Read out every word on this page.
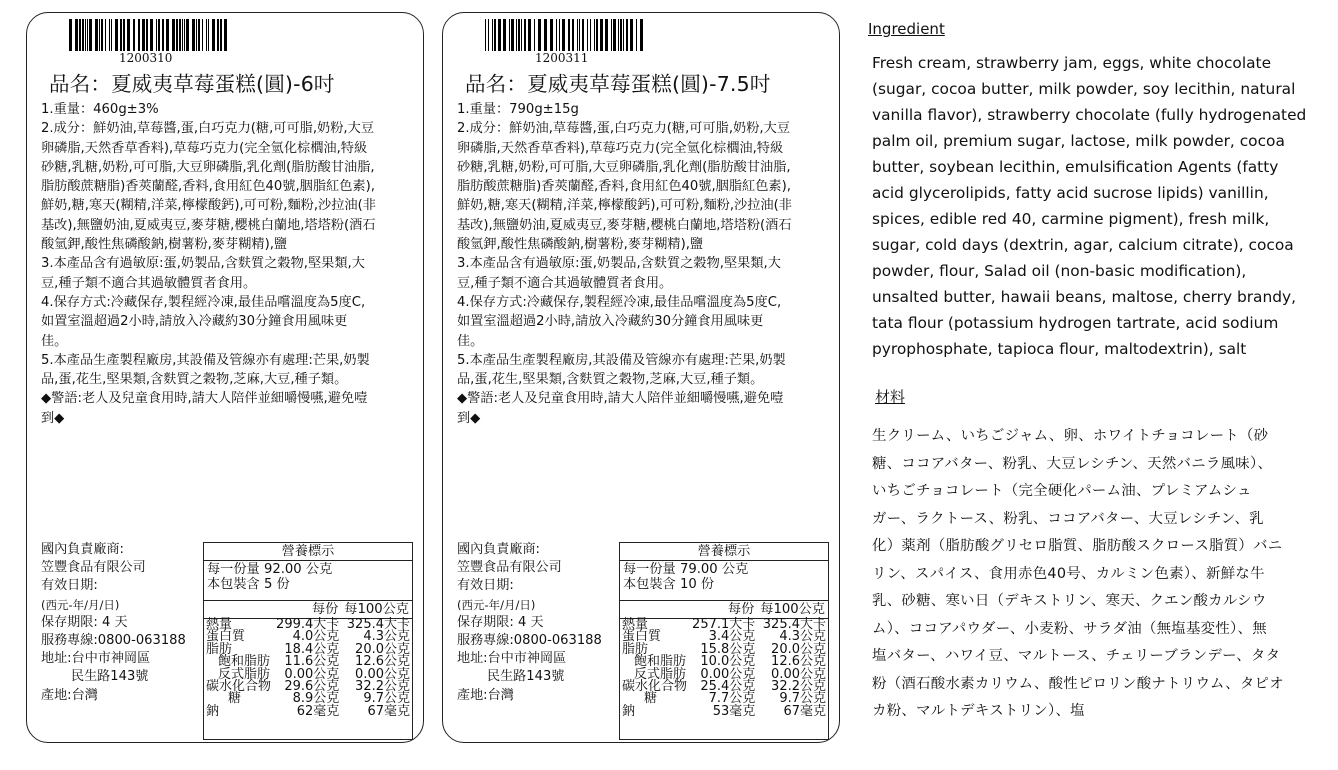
1200310
品名：夏威夷草莓蛋糕(圓)-6吋
1.重量：460g±3%
2.成分：鮮奶油,草莓醬,蛋,白巧克力(糖,可可脂,奶粉,大豆
卵磷脂,天然香草香料),草莓巧克力(完全氫化棕櫚油,特級
砂糖,乳糖,奶粉,可可脂,大豆卵磷脂,乳化劑(脂肪酸甘油脂,
脂肪酸蔗糖脂)香莢蘭醛,香料,食用紅色40號,胭脂紅色素),
鮮奶,糖,寒天(糊精,洋菜,檸檬酸鈣),可可粉,麵粉,沙拉油(非
基改),無鹽奶油,夏威夷豆,麥芽糖,櫻桃白蘭地,塔塔粉(酒石
酸氫鉀,酸性焦磷酸鈉,樹薯粉,麥芽糊精),鹽
3.本產品含有過敏原:蛋,奶製品,含麩質之穀物,堅果類,大
豆,種子類不適合其過敏體質者食用。
4.保存方式:冷藏保存,製程經冷凍,最佳品嚐溫度為5度C,
如置室溫超過2小時,請放入冷藏約30分鐘食用風味更
佳。
5.本產品生產製程廠房,其設備及管線亦有處理:芒果,奶製
品,蛋,花生,堅果類,含麩質之穀物,芝麻,大豆,種子類。
◆警語:老人及兒童食用時,請大人陪伴並細嚼慢嚥,避免噎
到◆
國內負責廠商:
笠豐食品有限公司
有效日期:
(西元-年/月/日)
保存期限: 4 天
服務專線:0800-063188
地址:台中市神岡區
民生路143號
產地:台灣
營養標示
每一份量 92.00 公克
本包裝含 5 份
每份 每100公克
熱量	299.4大卡	325.4大卡
蛋白質	4.0公克	4.3公克
脂肪	18.4公克	20.0公克
飽和脂肪	11.6公克	12.6公克
反式脂肪	0.00公克	0.00公克
碳水化合物	29.6公克	32.2公克
糖	8.9公克	9.7公克
鈉	62毫克	67毫克
1200311
品名：夏威夷草莓蛋糕(圓)-7.5吋
1.重量：790g±15g
2.成分：鮮奶油,草莓醬,蛋,白巧克力(糖,可可脂,奶粉,大豆
卵磷脂,天然香草香料),草莓巧克力(完全氫化棕櫚油,特級
砂糖,乳糖,奶粉,可可脂,大豆卵磷脂,乳化劑(脂肪酸甘油脂,
脂肪酸蔗糖脂)香莢蘭醛,香料,食用紅色40號,胭脂紅色素),
鮮奶,糖,寒天(糊精,洋菜,檸檬酸鈣),可可粉,麵粉,沙拉油(非
基改),無鹽奶油,夏威夷豆,麥芽糖,櫻桃白蘭地,塔塔粉(酒石
酸氫鉀,酸性焦磷酸鈉,樹薯粉,麥芽糊精),鹽
3.本產品含有過敏原:蛋,奶製品,含麩質之穀物,堅果類,大
豆,種子類不適合其過敏體質者食用。
4.保存方式:冷藏保存,製程經冷凍,最佳品嚐溫度為5度C,
如置室溫超過2小時,請放入冷藏約30分鐘食用風味更
佳。
5.本產品生產製程廠房,其設備及管線亦有處理:芒果,奶製
品,蛋,花生,堅果類,含麩質之穀物,芝麻,大豆,種子類。
◆警語:老人及兒童食用時,請大人陪伴並細嚼慢嚥,避免噎
到◆
國內負責廠商:
笠豐食品有限公司
有效日期:
(西元-年/月/日)
保存期限: 4 天
服務專線:0800-063188
地址:台中市神岡區
民生路143號
產地:台灣
營養標示
每一份量 79.00 公克
本包裝含 10 份
每份 每100公克
熱量	257.1大卡	325.4大卡
蛋白質	3.4公克	4.3公克
脂肪	15.8公克	20.0公克
飽和脂肪	10.0公克	12.6公克
反式脂肪	0.00公克	0.00公克
碳水化合物	25.4公克	32.2公克
糖	7.7公克	9.7公克
鈉	53毫克	67毫克
Ingredient
Fresh cream, strawberry jam, eggs, white chocolate
(sugar, cocoa butter, milk powder, soy lecithin, natural
vanilla flavor), strawberry chocolate (fully hydrogenated
palm oil, premium sugar, lactose, milk powder, cocoa
butter, soybean lecithin, emulsification Agents (fatty
acid glycerolipids, fatty acid sucrose lipids) vanillin,
spices, edible red 40, carmine pigment), fresh milk,
sugar, cold days (dextrin, agar, calcium citrate), cocoa
powder, flour, Salad oil (non-basic modification),
unsalted butter, hawaii beans, maltose, cherry brandy,
tata flour (potassium hydrogen tartrate, acid sodium
pyrophosphate, tapioca flour, maltodextrin), salt
材料
生クリーム、いちごジャム、卵、ホワイトチョコレート（砂
糖、ココアバター、粉乳、大豆レシチン、天然バニラ風味）、
いちごチョコレート（完全硬化パーム油、プレミアムシュ
ガー、ラクトース、粉乳、ココアバター、大豆レシチン、乳
化）薬剤（脂肪酸グリセロ脂質、脂肪酸スクロース脂質）バニ
リン、スパイス、食用赤色40号、カルミン色素）、新鮮な牛
乳、砂糖、寒い日（デキストリン、寒天、クエン酸カルシウ
ム）、ココアパウダー、小麦粉、サラダ油（無塩基変性）、無
塩バター、ハワイ豆、マルトース、チェリーブランデー、タタ
粉（酒石酸水素カリウム、酸性ピロリン酸ナトリウム、タピオ
カ粉、マルトデキストリン）、塩
